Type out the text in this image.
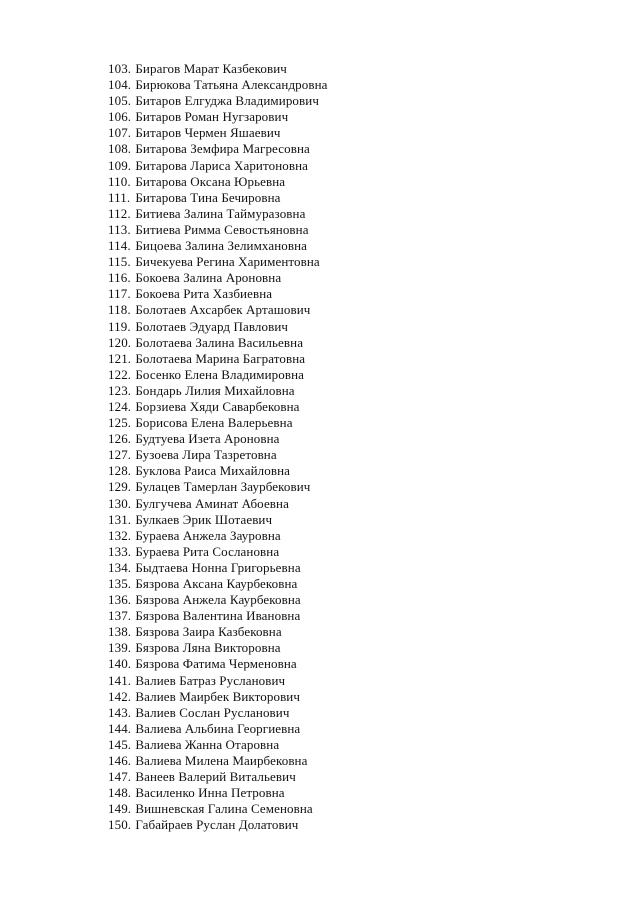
103. Бирагов Марат Казбекович
104. Бирюкова Татьяна Александровна
105. Битаров Елгуджа Владимирович
106. Битаров Роман Нугзарович
107. Битаров Чермен Яшаевич
108. Битарова Земфира Магресовна
109. Битарова Лариса Харитоновна
110. Битарова Оксана Юрьевна
111. Битарова Тина Бечировна
112. Битиева Залина Таймуразовна
113. Битиева Римма Севостьяновна
114. Бицоева Залина Зелимхановна
115. Бичекуева Регина Хариментовна
116. Бокоева Залина Ароновна
117. Бокоева Рита Хазбиевна
118. Болотаев Ахсарбек Арташович
119. Болотаев Эдуард Павлович
120. Болотаева Залина Васильевна
121. Болотаева Марина Багратовна
122. Босенко Елена Владимировна
123. Бондарь Лилия Михайловна
124. Борзиева Хяди Саварбековна
125. Борисова Елена Валерьевна
126. Будтуева Изета Ароновна
127. Бузоева Лира Тазретовна
128. Буклова Раиса Михайловна
129. Булацев Тамерлан Заурбекович
130. Булгучева Аминат Абоевна
131. Булкаев Эрик Шотаевич
132. Бураева Анжела Зауровна
133. Бураева Рита Сослановна
134. Быдтаева Нонна Григорьевна
135. Бязрова Аксана Каурбековна
136. Бязрова Анжела Каурбековна
137. Бязрова Валентина Ивановна
138. Бязрова Заира Казбековна
139. Бязрова Ляна Викторовна
140. Бязрова Фатима Черменовна
141. Валиев Батраз Русланович
142. Валиев Маирбек Викторович
143. Валиев Сослан Русланович
144. Валиева Альбина Георгиевна
145. Валиева Жанна Отаровна
146. Валиева Милена Маирбековна
147. Ванеев Валерий Витальевич
148. Василенко Инна Петровна
149. Вишневская Галина Семеновна
150. Габайраев Руслан Долатович
